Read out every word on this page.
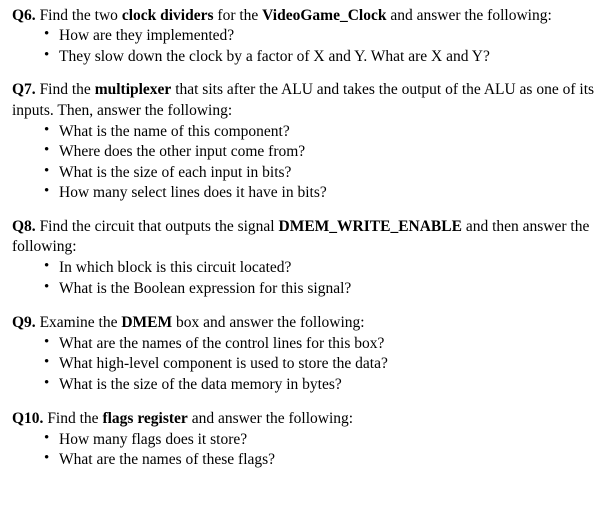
Q6. Find the two clock dividers for the VideoGame_Clock and answer the following:

• How are they implemented?
• They slow down the clock by a factor of X and Y. What are X and Y?

Q7. Find the multiplexer that sits after the ALU and takes the output of the ALU as one of its inputs. Then, answer the following:

• What is the name of this component?
• Where does the other input come from?
• What is the size of each input in bits?
• How many select lines does it have in bits?

Q8. Find the circuit that outputs the signal DMEM_WRITE_ENABLE and then answer the following:

• In which block is this circuit located?
• What is the Boolean expression for this signal?

Q9. Examine the DMEM box and answer the following:

• What are the names of the control lines for this box?
• What high-level component is used to store the data?
• What is the size of the data memory in bytes?

Q10. Find the flags register and answer the following:

• How many flags does it store?
• What are the names of these flags?
